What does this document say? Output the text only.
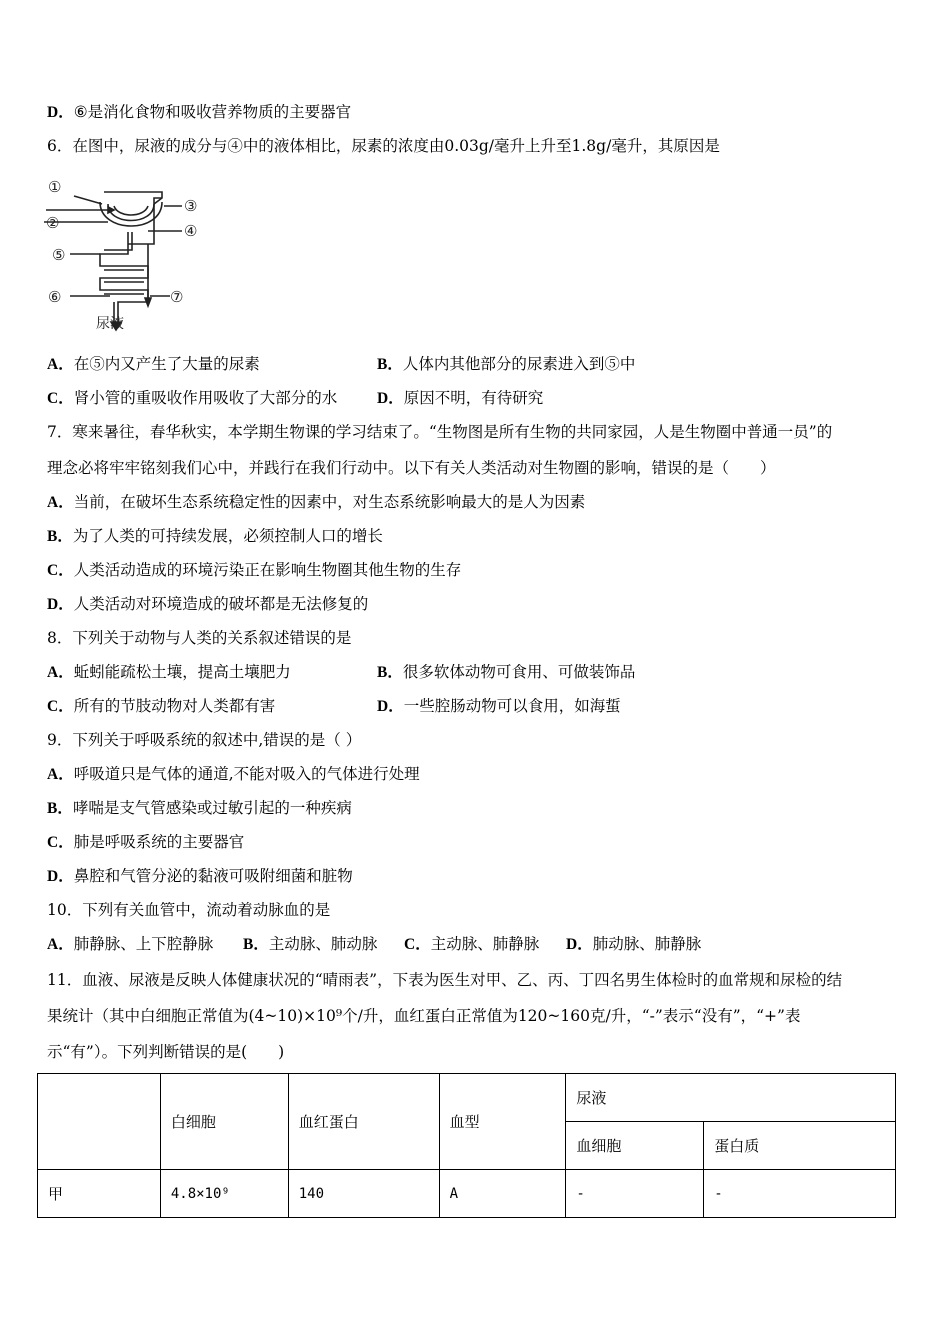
D．⑥是消化食物和吸收营养物质的主要器官
6．在图中，尿液的成分与④中的液体相比，尿素的浓度由0.03g/毫升上升至1.8g/毫升，其原因是
①
②
③
④
⑤
⑥	⑦
尿液
A．在⑤内又产生了大量的尿素	B．人体内其他部分的尿素进入到⑤中
C．肾小管的重吸收作用吸收了大部分的水	D．原因不明，有待研究
7．寒来暑往，春华秋实，本学期生物课的学习结束了。“生物图是所有生物的共同家园，人是生物圈中普通一员”的
理念必将牢牢铭刻我们心中，并践行在我们行动中。以下有关人类活动对生物圈的影响，错误的是（　　）
A．当前，在破坏生态系统稳定性的因素中，对生态系统影响最大的是人为因素
B．为了人类的可持续发展，必须控制人口的增长
C．人类活动造成的环境污染正在影响生物圈其他生物的生存
D．人类活动对环境造成的破坏都是无法修复的
8．下列关于动物与人类的关系叙述错误的是
A．蚯蚓能疏松土壤，提高土壤肥力	B．很多软体动物可食用、可做装饰品
C．所有的节肢动物对人类都有害	D．一些腔肠动物可以食用，如海蜇
9．下列关于呼吸系统的叙述中,错误的是（ ）
A．呼吸道只是气体的通道,不能对吸入的气体进行处理
B．哮喘是支气管感染或过敏引起的一种疾病
C．肺是呼吸系统的主要器官
D．鼻腔和气管分泌的黏液可吸附细菌和脏物
10．下列有关血管中，流动着动脉血的是
A．肺静脉、上下腔静脉 B．主动脉、肺动脉 C．主动脉、肺静脉 D．肺动脉、肺静脉
11．血液、尿液是反映人体健康状况的“晴雨表”，下表为医生对甲、乙、丙、丁四名男生体检时的血常规和尿检的结
果统计（其中白细胞正常值为(4~10)×10⁹个/升，血红蛋白正常值为120~160克/升，“-”表示“没有”，“+”表
示“有”）。下列判断错误的是(　　)
	白细胞	血红蛋白	血型	尿液	
				血细胞	蛋白质
甲	4.8×10⁹	140	A	-	-
